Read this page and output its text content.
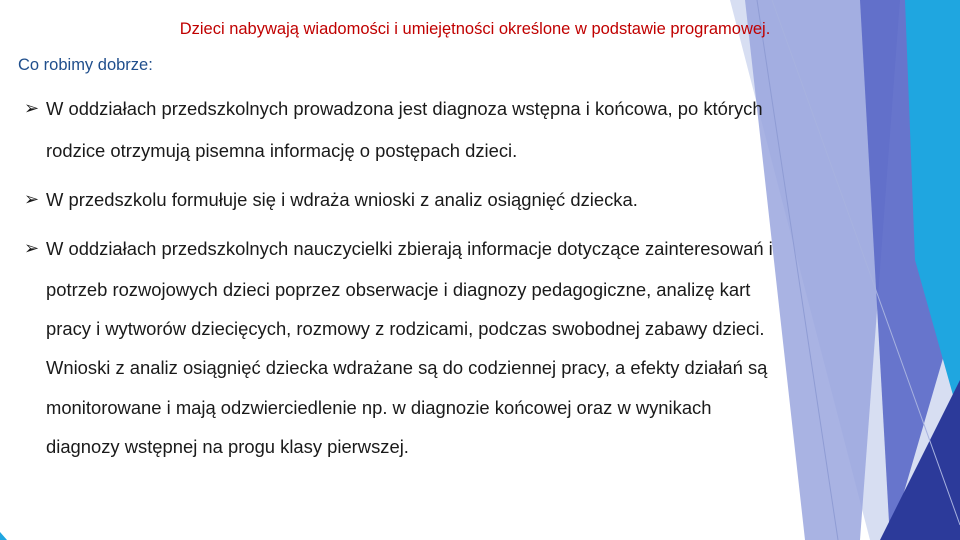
Dzieci nabywają wiadomości i umiejętności określone w podstawie programowej.
Co robimy dobrze:
➢ W oddziałach przedszkolnych prowadzona jest diagnoza wstępna i końcowa, po których
rodzice otrzymują pisemna informację o postępach dzieci.
➢ W przedszkolu formułuje się i wdraża wnioski z analiz osiągnięć dziecka.
➢ W oddziałach przedszkolnych nauczycielki zbierają informacje dotyczące zainteresowań i
potrzeb rozwojowych dzieci poprzez obserwacje i diagnozy pedagogiczne, analizę kart
pracy i wytworów dziecięcych, rozmowy z rodzicami, podczas swobodnej zabawy dzieci.
Wnioski z analiz osiągnięć dziecka wdrażane są do codziennej pracy, a efekty działań są
monitorowane i mają odzwierciedlenie np. w diagnozie końcowej oraz w wynikach
diagnozy wstępnej na progu klasy pierwszej.
